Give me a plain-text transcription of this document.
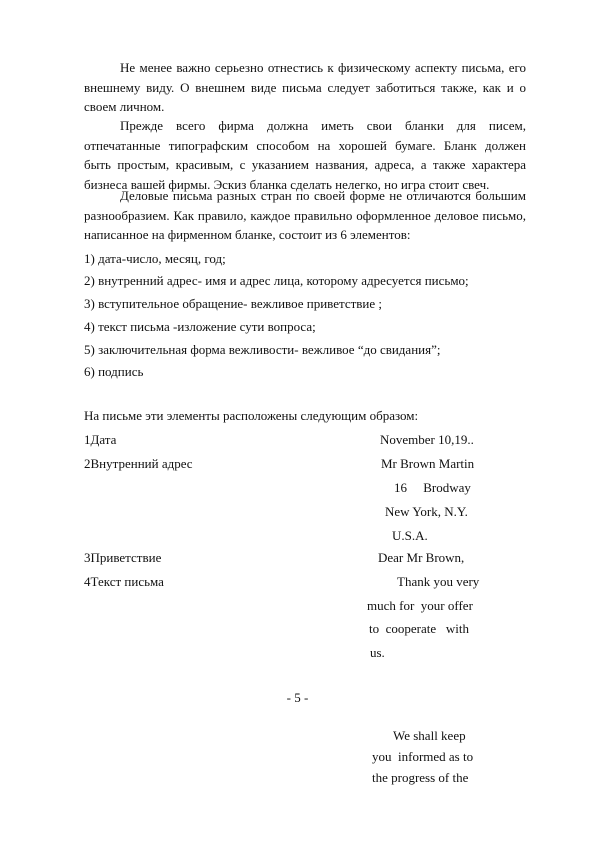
Не менее важно серьезно отнестись к физическому аспекту письма, его
внешнему виду. О внешнем виде письма следует заботиться также, как и о
своем личном.

Прежде всего фирма должна иметь свои бланки для писем,
отпечатанные типографским способом на хорошей бумаге. Бланк должен
быть простым, красивым, с указанием названия, адреса, а также характера
бизнеса вашей фирмы. Эскиз бланка сделать нелегко, но игра стоит свеч.

Деловые письма разных стран по своей форме не отличаются большим
разнообразием. Как правило, каждое правильно оформленное деловое письмо,
написанное на фирменном бланке, состоит из 6 элементов:

1) дата-число, месяц, год;
2) внутренний адрес- имя и адрес лица, которому адресуется письмо;
3) вступительное обращение- вежливое приветствие ;
4) текст письма -изложение сути вопроса;
5) заключительная форма вежливости- вежливое “до свидания”;
6) подпись
На письме эти элементы расположены следующим образом:
1Дата	November 10,19..
2Внутренний адрес	Mr Brown Martin
16     Brodway
New York, N.Y.
U.S.A.
3Приветствие	Dear Mr Brown,
4Текст письма	Thank you very
much for  your offer
to  cooperate   with
us.
- 5 -
We shall keep
you  informed as to
the progress of the
